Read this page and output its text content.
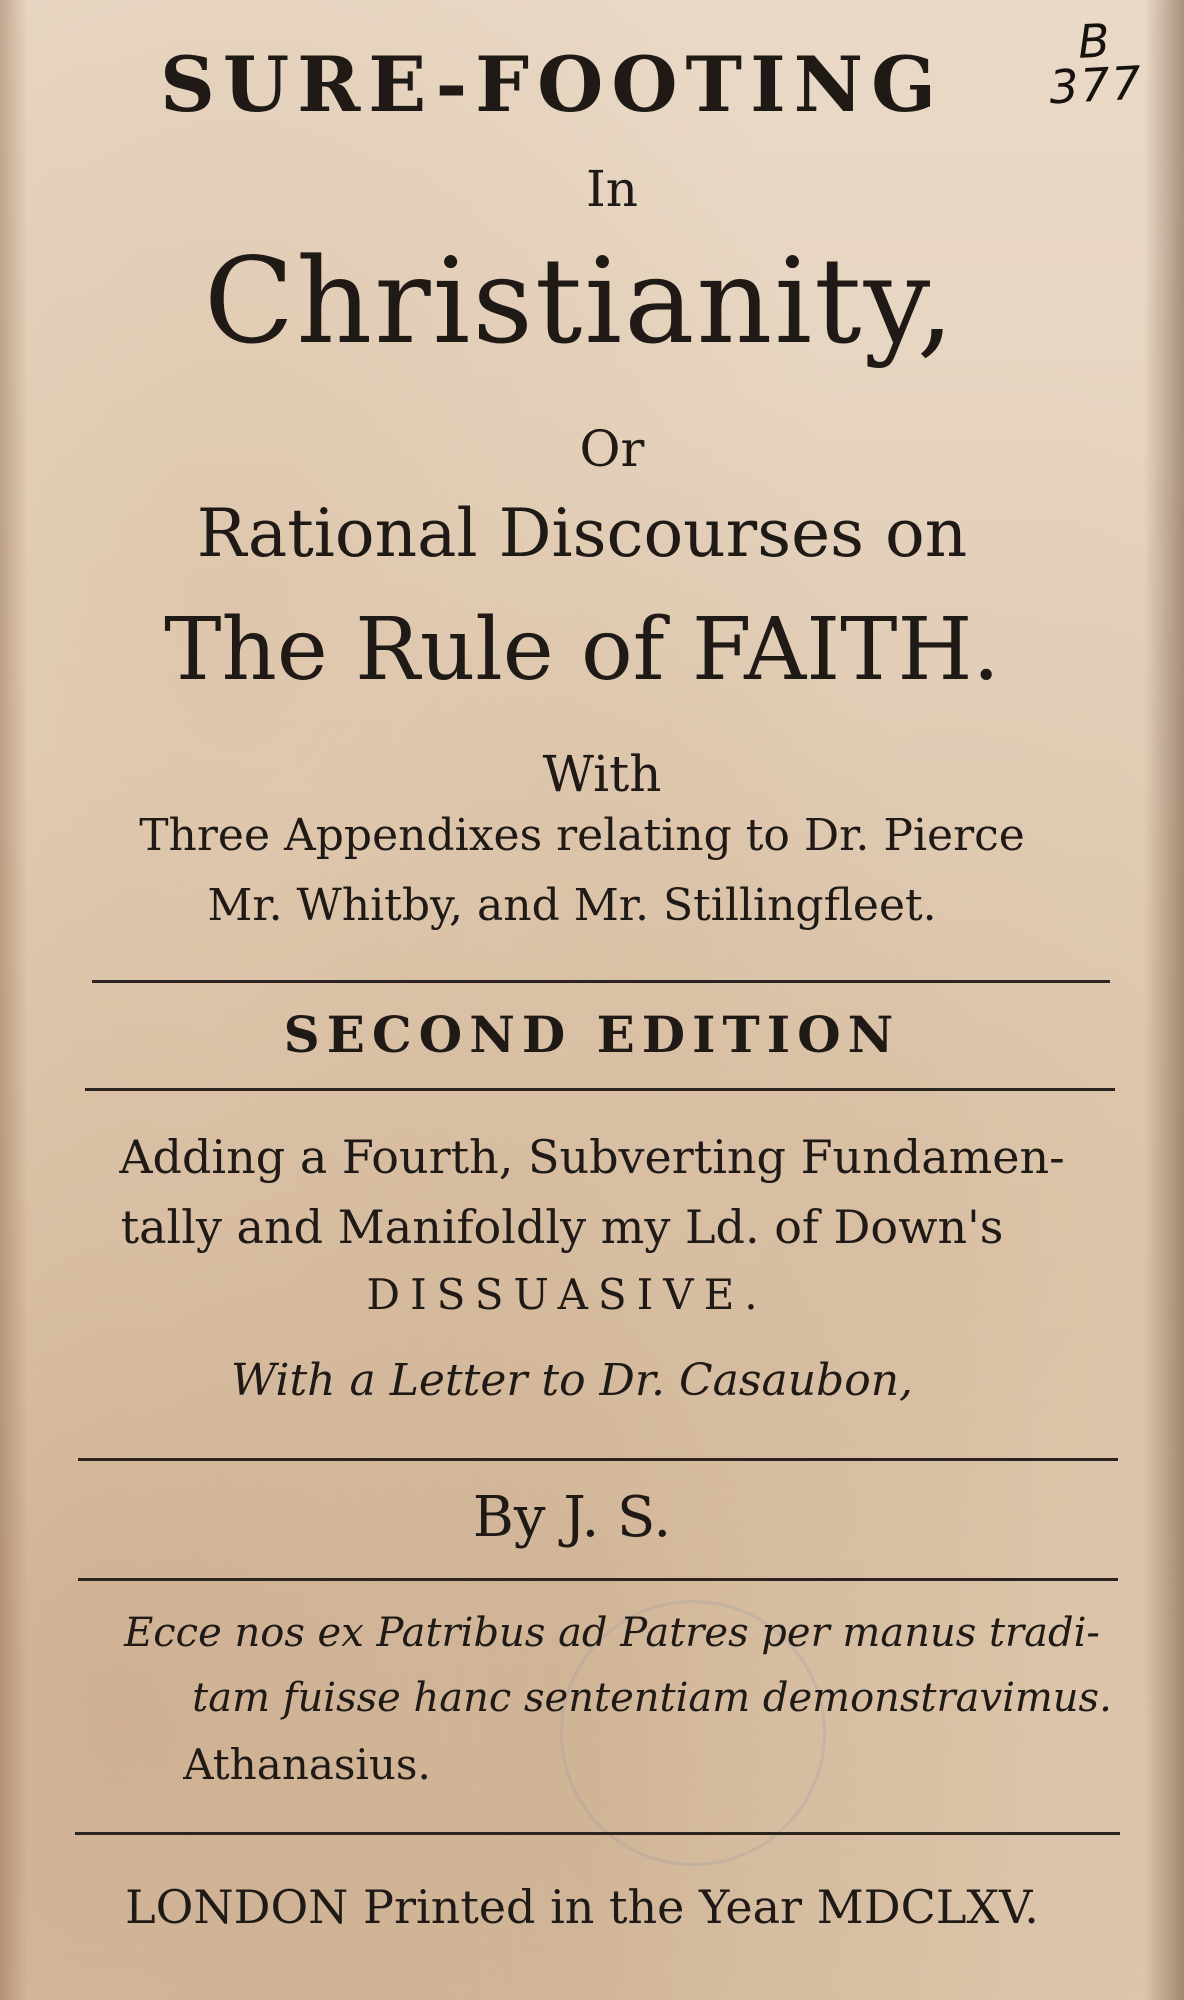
B
377
SURE-FOOTING
In
Christianity,
Or
Rational Discourses on
The Rule of FAITH.
With
Three Appendixes relating to Dr. Pierce
Mr. Whitby, and Mr. Stillingfleet.
SECOND EDITION
Adding a Fourth, Subverting Fundamen-
tally and Manifoldly my Ld. of Down's
DISSUASIVE.
With a Letter to Dr. Casaubon,
By J. S.
Ecce nos ex Patribus ad Patres per manus tradi-
tam fuisse hanc sententiam demonstravimus.
Athanasius.
LONDON Printed in the Year MDCLXV.
